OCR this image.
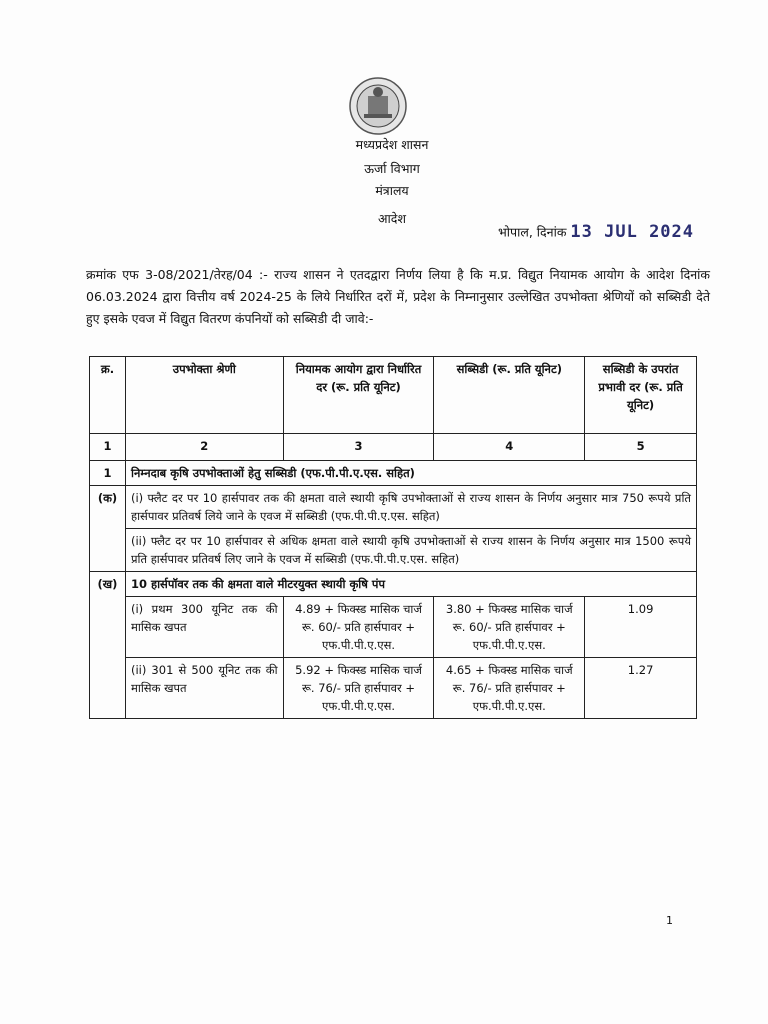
मध्यप्रदेश शासन
ऊर्जा विभाग
मंत्रालय
आदेश
भोपाल, दिनांक 13 JUL 2024
क्रमांक एफ 3-08/2021/तेरह/04 :- राज्य शासन ने एतदद्वारा निर्णय लिया है कि म.प्र. विद्युत नियामक आयोग के आदेश दिनांक 06.03.2024 द्वारा वित्तीय वर्ष 2024-25 के लिये निर्धारित दरों में, प्रदेश के निम्नानुसार उल्लेखित उपभोक्ता श्रेणियों को सब्सिडी देते हुए इसके एवज में विद्युत वितरण कंपनियों को सब्सिडी दी जावे:-
क्र.	उपभोक्ता श्रेणी	नियामक आयोग द्वारा निर्धारित दर (रू. प्रति यूनिट)	सब्सिडी (रू. प्रति यूनिट)	सब्सिडी के उपरांत प्रभावी दर (रू. प्रति यूनिट)
1	2	3	4	5
1	निम्नदाब कृषि उपभोक्ताओं हेतु सब्सिडी (एफ.पी.पी.ए.एस. सहित)			
(क)	(i) फ्लैट दर पर 10 हार्सपावर तक की क्षमता वाले स्थायी कृषि उपभोक्ताओं से राज्य शासन के निर्णय अनुसार मात्र 750 रूपये प्रति हार्सपावर प्रतिवर्ष लिये जाने के एवज में सब्सिडी (एफ.पी.पी.ए.एस. सहित)			
	(ii) फ्लैट दर पर 10 हार्सपावर से अधिक क्षमता वाले स्थायी कृषि उपभोक्ताओं से राज्य शासन के निर्णय अनुसार मात्र 1500 रूपये प्रति हार्सपावर प्रतिवर्ष लिए जाने के एवज में सब्सिडी (एफ.पी.पी.ए.एस. सहित)			
(ख)	10 हार्सपॉवर तक की क्षमता वाले मीटरयुक्त स्थायी कृषि पंप			
	(i) प्रथम 300 यूनिट तक की मासिक खपत	4.89 + फिक्स्ड मासिक चार्ज रू. 60/- प्रति हार्सपावर + एफ.पी.पी.ए.एस.	3.80 + फिक्स्ड मासिक चार्ज रू. 60/- प्रति हार्सपावर + एफ.पी.पी.ए.एस.	1.09
	(ii) 301 से 500 यूनिट तक की मासिक खपत	5.92 + फिक्स्ड मासिक चार्ज रू. 76/- प्रति हार्सपावर + एफ.पी.पी.ए.एस.	4.65 + फिक्स्ड मासिक चार्ज रू. 76/- प्रति हार्सपावर + एफ.पी.पी.ए.एस.	1.27
1
